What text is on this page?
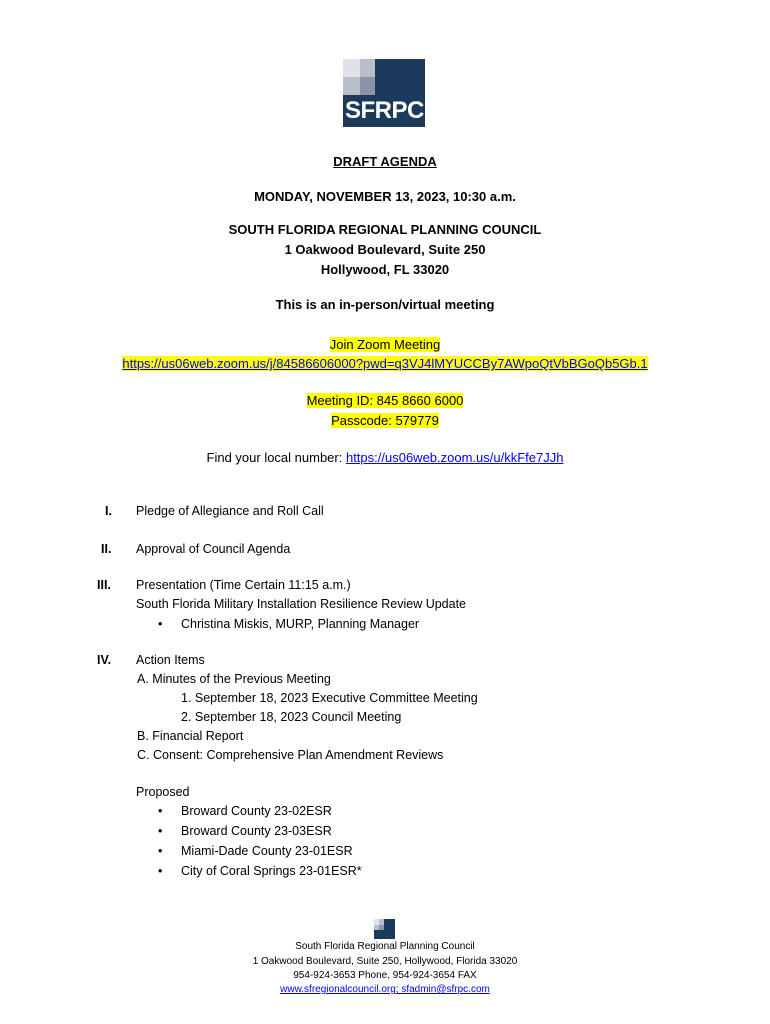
SFRPC
DRAFT AGENDA
MONDAY, NOVEMBER 13, 2023, 10:30 a.m.
SOUTH FLORIDA REGIONAL PLANNING COUNCIL
1 Oakwood Boulevard, Suite 250
Hollywood, FL 33020
This is an in-person/virtual meeting
Join Zoom Meeting
https://us06web.zoom.us/j/84586606000?pwd=q3VJ4lMYUCCBy7AWpoQtVbBGoQb5Gb.1
Meeting ID: 845 8660 6000
Passcode: 579779
Find your local number: https://us06web.zoom.us/u/kkFfe7JJh
I. Pledge of Allegiance and Roll Call
II. Approval of Council Agenda
III. Presentation (Time Certain 11:15 a.m.)
South Florida Military Installation Resilience Review Update
• Christina Miskis, MURP, Planning Manager
IV. Action Items
A. Minutes of the Previous Meeting
1. September 18, 2023 Executive Committee Meeting
2. September 18, 2023 Council Meeting
B. Financial Report
C. Consent: Comprehensive Plan Amendment Reviews
Proposed
• Broward County 23-02ESR
• Broward County 23-03ESR
• Miami-Dade County 23-01ESR
• City of Coral Springs 23-01ESR*
South Florida Regional Planning Council
1 Oakwood Boulevard, Suite 250, Hollywood, Florida 33020
954-924-3653 Phone, 954-924-3654 FAX
www.sfregionalcouncil.org; sfadmin@sfrpc.com
